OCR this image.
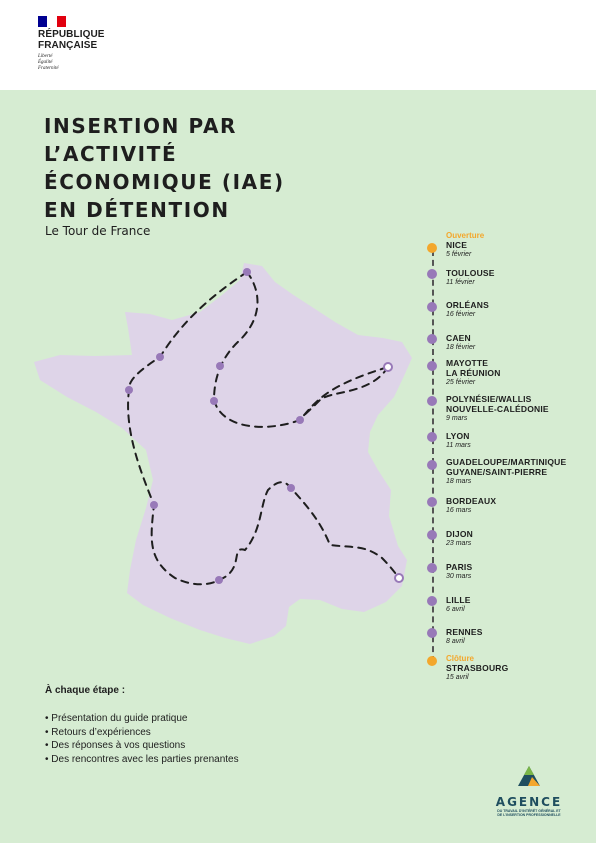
RÉPUBLIQUE
FRANÇAISE
Liberté
Égalité
Fraternité
INSERTION PAR
L’ACTIVITÉ
ÉCONOMIQUE (IAE)
EN DÉTENTION
Le Tour de France	Ouverture
NICE
5 février
TOULOUSE
11 février
ORLÉANS
16 février
CAEN
18 février
MAYOTTE
LA RÉUNION
25 février
POLYNÉSIE/WALLIS
NOUVELLE-CALÉDONIE
9 mars
LYON
11 mars
GUADELOUPE/MARTINIQUE
GUYANE/SAINT-PIERRE
18 mars
BORDEAUX
16 mars
DIJON
23 mars
PARIS
30 mars
LILLE
6 avril
RENNES
8 avril
Clôture
STRASBOURG
15 avril
À chaque étape :
• Présentation du guide pratique
• Retours d’expériences
• Des réponses à vos questions
• Des rencontres avec les parties prenantes
AGENCE
DU TRAVAIL D’INTÉRÊT GÉNÉRAL ET
DE L’INSERTION PROFESSIONNELLE
